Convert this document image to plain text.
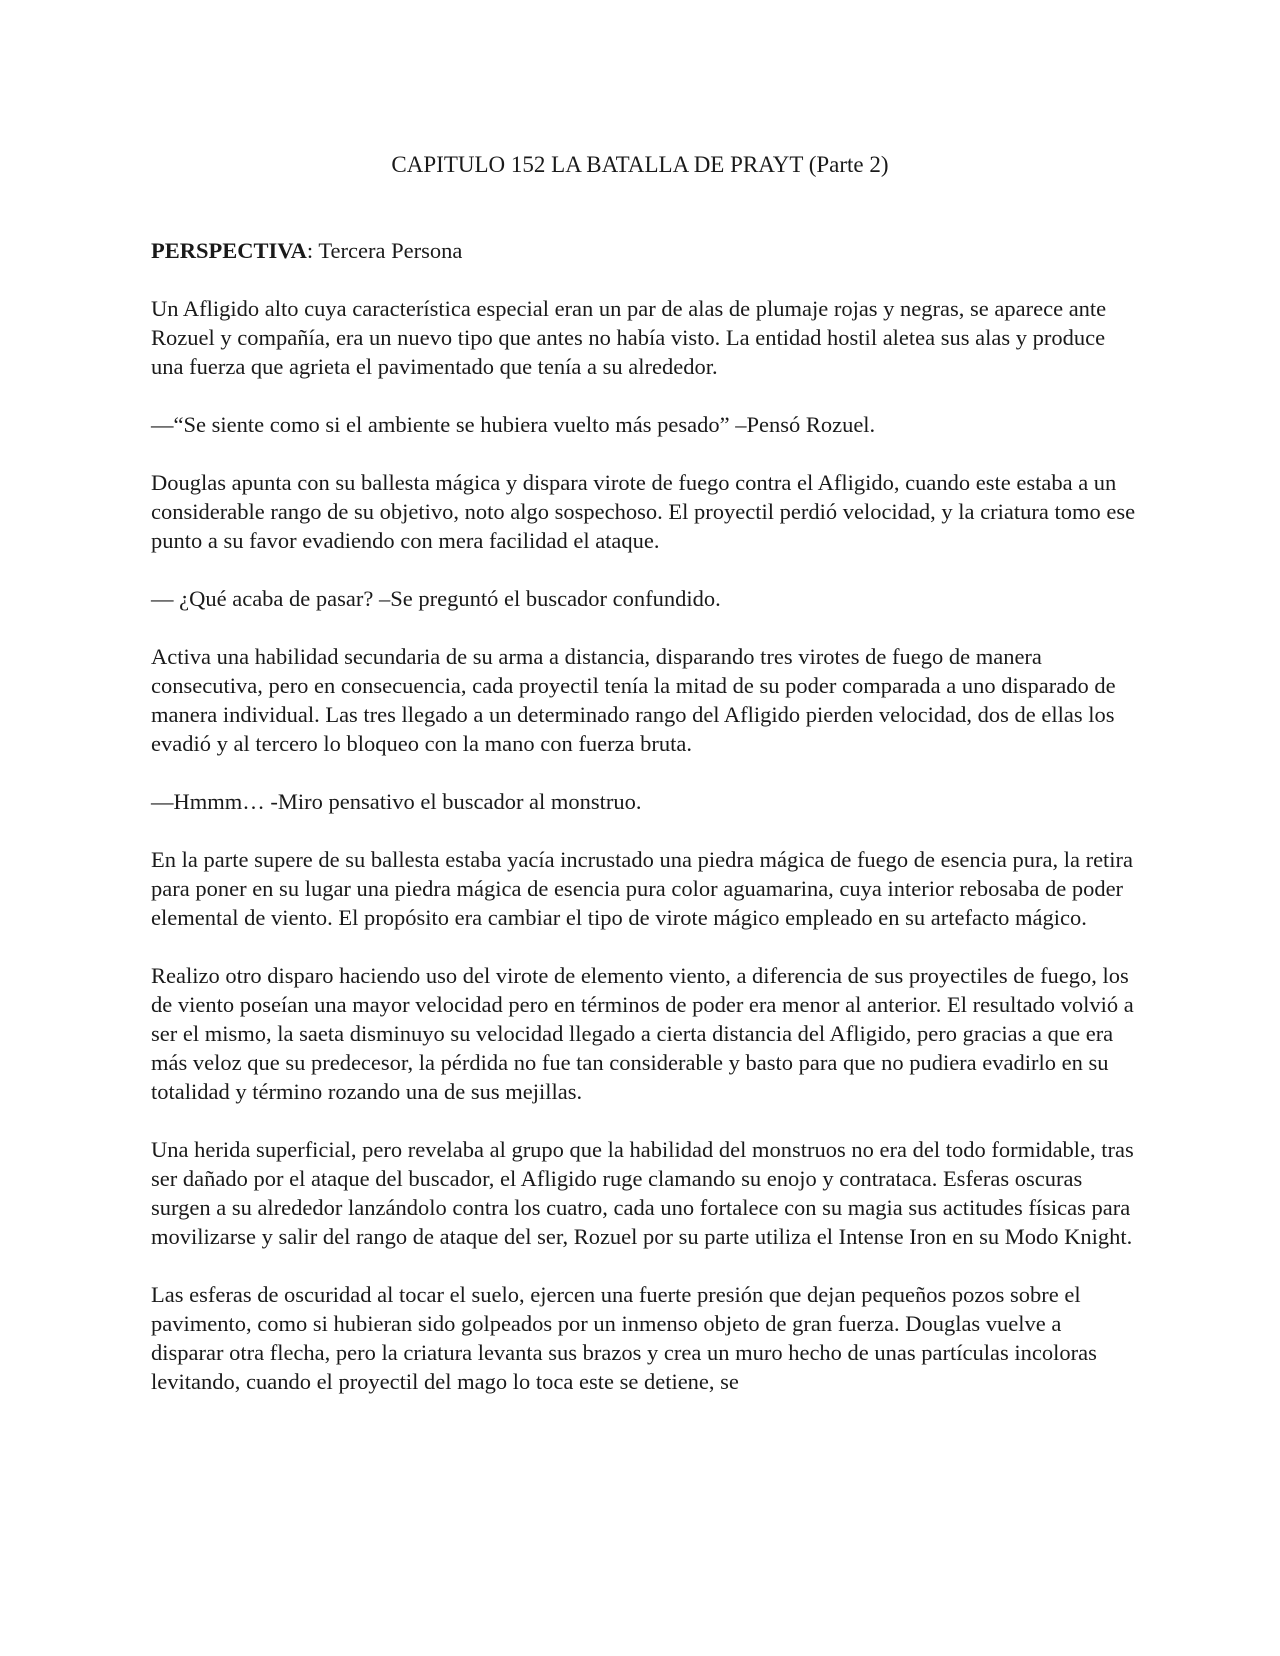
CAPITULO 152 LA BATALLA DE PRAYT (Parte 2)

PERSPECTIVA: Tercera Persona

Un Afligido alto cuya característica especial eran un par de alas de plumaje rojas y negras, se aparece ante Rozuel y compañía, era un nuevo tipo que antes no había visto. La entidad hostil aletea sus alas y produce una fuerza que agrieta el pavimentado que tenía a su alrededor.

—“Se siente como si el ambiente se hubiera vuelto más pesado” –Pensó Rozuel.

Douglas apunta con su ballesta mágica y dispara virote de fuego contra el Afligido, cuando este estaba a un considerable rango de su objetivo, noto algo sospechoso. El proyectil perdió velocidad, y la criatura tomo ese punto a su favor evadiendo con mera facilidad el ataque.

— ¿Qué acaba de pasar? –Se preguntó el buscador confundido.

Activa una habilidad secundaria de su arma a distancia, disparando tres virotes de fuego de manera consecutiva, pero en consecuencia, cada proyectil tenía la mitad de su poder comparada a uno disparado de manera individual. Las tres llegado a un determinado rango del Afligido pierden velocidad, dos de ellas los evadió y al tercero lo bloqueo con la mano con fuerza bruta.

—Hmmm… -Miro pensativo el buscador al monstruo.

En la parte supere de su ballesta estaba yacía incrustado una piedra mágica de fuego de esencia pura, la retira para poner en su lugar una piedra mágica de esencia pura color aguamarina, cuya interior rebosaba de poder elemental de viento. El propósito era cambiar el tipo de virote mágico empleado en su artefacto mágico.

Realizo otro disparo haciendo uso del virote de elemento viento, a diferencia de sus proyectiles de fuego, los de viento poseían una mayor velocidad pero en términos de poder era menor al anterior. El resultado volvió a ser el mismo, la saeta disminuyo su velocidad llegado a cierta distancia del Afligido, pero gracias a que era más veloz que su predecesor, la pérdida no fue tan considerable y basto para que no pudiera evadirlo en su totalidad y término rozando una de sus mejillas.

Una herida superficial, pero revelaba al grupo que la habilidad del monstruos no era del todo formidable, tras ser dañado por el ataque del buscador, el Afligido ruge clamando su enojo y contrataca. Esferas oscuras surgen a su alrededor lanzándolo contra los cuatro, cada uno fortalece con su magia sus actitudes físicas para movilizarse y salir del rango de ataque del ser, Rozuel por su parte utiliza el Intense Iron en su Modo Knight.

Las esferas de oscuridad al tocar el suelo, ejercen una fuerte presión que dejan pequeños pozos sobre el pavimento, como si hubieran sido golpeados por un inmenso objeto de gran fuerza. Douglas vuelve a disparar otra flecha, pero la criatura levanta sus brazos y crea un muro hecho de unas partículas incoloras levitando, cuando el proyectil del mago lo toca este se detiene, se
